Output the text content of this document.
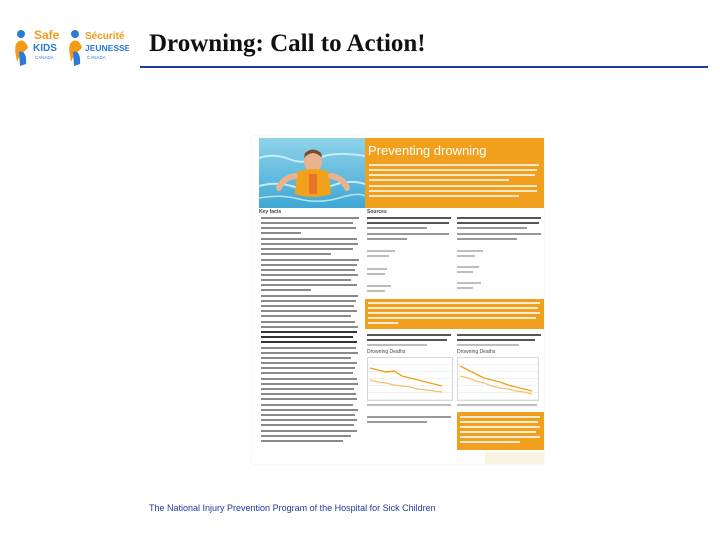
Safe
KIDS
CANADA
Sécurité
JEUNESSE
CANADA
Drowning: Call to Action!
Preventing drowning
Key facts	Sources
Drowning Deaths	Drowning Deaths
The National Injury Prevention Program of the Hospital for Sick Children
